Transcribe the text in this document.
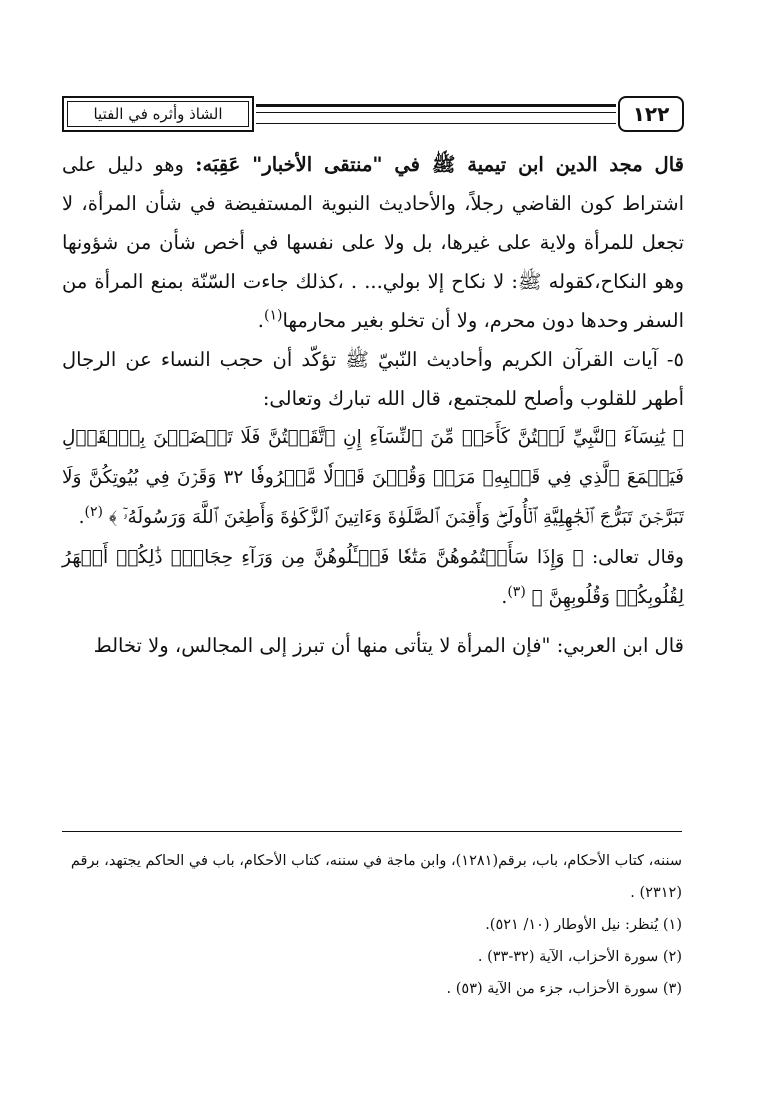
الشاذ وأثره في الفتيا	١٢٢

قال مجد الدين ابن تيمية ﷺ في "منتقى الأخبار" عَقِبَه: وهو دليل على اشتراط كون القاضي رجلاً، والأحاديث النبوية المستفيضة في شأن المرأة، لا تجعل للمرأة ولاية على غيرها، بل ولا على نفسها في أخص شأن من شؤونها وهو النكاح،كقوله ﷺ: لا نكاح إلا بولي... . ،كذلك جاءت السّنّة بمنع المرأة من السفر وحدها دون محرم، ولا أن تخلو بغير محارمها$^{(١)}$.

٥- آيات القرآن الكريم وأحاديث النّبيّ ﷺ تؤكّد أن حجب النساء عن الرجال أطهر للقلوب وأصلح للمجتمع، قال الله تبارك وتعالى:

﴿ يَٰنِسَآءَ ٱلنَّبِيِّ لَسۡتُنَّ كَأَحَدٖ مِّنَ ٱلنِّسَآءِ إِنِ ٱتَّقَيۡتُنَّ فَلَا تَخۡضَعۡنَ بِٱلۡقَوۡلِ فَيَطۡمَعَ ٱلَّذِي فِي قَلۡبِهِۦ مَرَضٞ وَقُلۡنَ قَوۡلٗا مَّعۡرُوفٗا ٣٢ وَقَرۡنَ فِي بُيُوتِكُنَّ وَلَا تَبَرَّجۡنَ تَبَرُّجَ ٱلۡجَٰهِلِيَّةِ ٱلۡأُولَىٰۖ وَأَقِمۡنَ ٱلصَّلَوٰةَ وَءَاتِينَ ٱلزَّكَوٰةَ وَأَطِعۡنَ ٱللَّهَ وَرَسُولَهُۥٓ ﴾ $^{(٢)}$.

وقال تعالى: ﴿ وَإِذَا سَأَلۡتُمُوهُنَّ مَتَٰعٗا فَسۡـَٔلُوهُنَّ مِن وَرَآءِ حِجَابٖۚ ذَٰلِكُمۡ أَطۡهَرُ لِقُلُوبِكُمۡ وَقُلُوبِهِنَّ ﴾ $^{(٣)}$.

قال ابن العربي: "فإن المرأة لا يتأتى منها أن تبرز إلى المجالس، ولا تخالط

سننه، كتاب الأحكام، باب، برقم(١٢٨١)، وابن ماجة في سننه، كتاب الأحكام، باب في الحاكم يجتهد، برقم (٢٣١٢) .

(١) يُنظر: نيل الأوطار (١٠/ ٥٢١).

(٢) سورة الأحزاب، الآية (٣٢-٣٣) .

(٣) سورة الأحزاب، جزء من الآية (٥٣) .
